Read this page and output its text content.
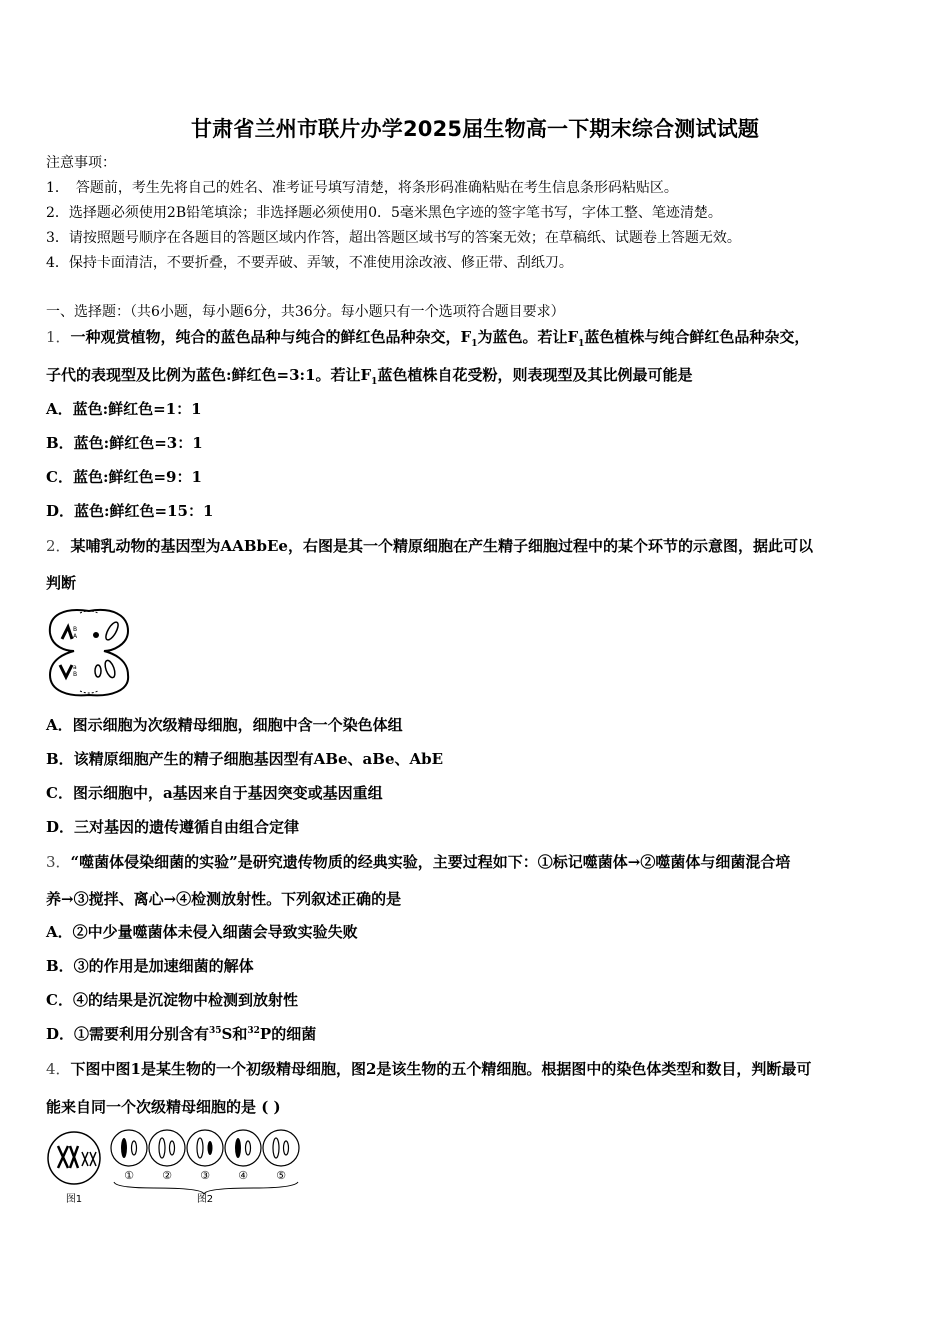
甘肃省兰州市联片办学2025届生物高一下期末综合测试试题
注意事项：
1．　答题前，考生先将自己的姓名、准考证号填写清楚，将条形码准确粘贴在考生信息条形码粘贴区。
2．选择题必须使用2B铅笔填涂；非选择题必须使用0．5毫米黑色字迹的签字笔书写，字体工整、笔迹清楚。
3．请按照题号顺序在各题目的答题区域内作答，超出答题区域书写的答案无效；在草稿纸、试题卷上答题无效。
4．保持卡面清洁，不要折叠，不要弄破、弄皱，不准使用涂改液、修正带、刮纸刀。
一、选择题：（共6小题，每小题6分，共36分。每小题只有一个选项符合题目要求）
1．一种观赏植物，纯合的蓝色品种与纯合的鲜红色品种杂交，$F_1$为蓝色。若让$F_1$蓝色植株与纯合鲜红色品种杂交，
子代的表现型及比例为蓝色:鲜红色=3:1。若让$F_1$蓝色植株自花受粉，则表现型及其比例最可能是
A．蓝色:鲜红色=1：1
B．蓝色:鲜红色=3：1
C．蓝色:鲜红色=9：1
D．蓝色:鲜红色=15：1
2．某哺乳动物的基因型为AABbEe，右图是其一个精原细胞在产生精子细胞过程中的某个环节的示意图，据此可以
判断
B
A
a
B
A．图示细胞为次级精母细胞，细胞中含一个染色体组
B．该精原细胞产生的精子细胞基因型有ABe、aBe、AbE
C．图示细胞中，a基因来自于基因突变或基因重组
D．三对基因的遗传遵循自由组合定律
3．“噬菌体侵染细菌的实验”是研究遗传物质的经典实验，主要过程如下：①标记噬菌体→②噬菌体与细菌混合培
养→③搅拌、离心→④检测放射性。下列叙述正确的是
A．②中少量噬菌体未侵入细菌会导致实验失败
B．③的作用是加速细菌的解体
C．④的结果是沉淀物中检测到放射性
D．①需要利用分别含有$^{35}$S和$^{32}$P的细菌
4．下图中图1是某生物的一个初级精母细胞，图2是该生物的五个精细胞。根据图中的染色体类型和数目，判断最可
能来自同一个次级精母细胞的是 ( )
①	②	③	④	⑤
图1	图2
